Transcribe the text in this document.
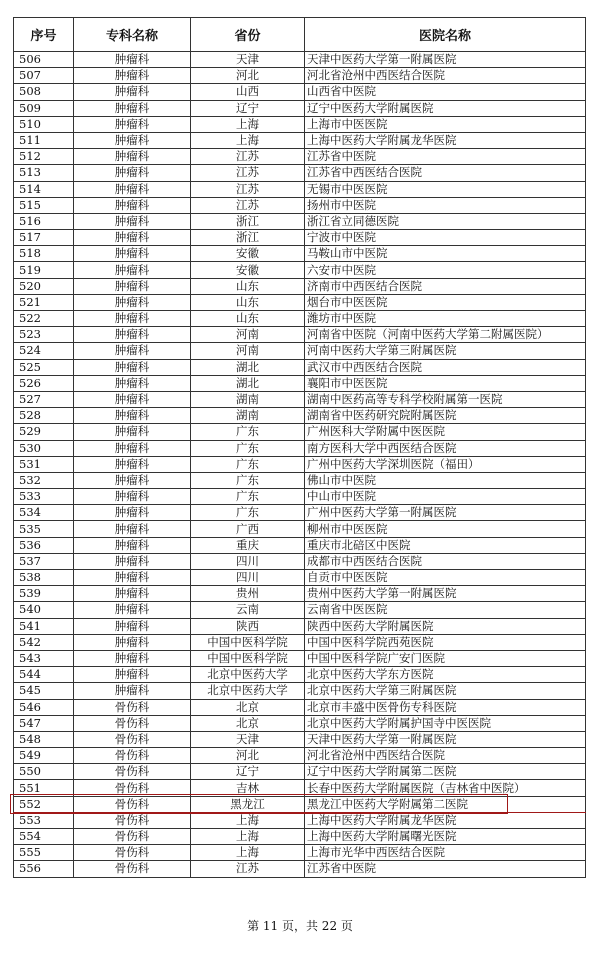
序号	专科名称	省份	医院名称
506	肿瘤科	天津	天津中医药大学第一附属医院
507	肿瘤科	河北	河北省沧州中西医结合医院
508	肿瘤科	山西	山西省中医院
509	肿瘤科	辽宁	辽宁中医药大学附属医院
510	肿瘤科	上海	上海市中医医院
511	肿瘤科	上海	上海中医药大学附属龙华医院
512	肿瘤科	江苏	江苏省中医院
513	肿瘤科	江苏	江苏省中西医结合医院
514	肿瘤科	江苏	无锡市中医医院
515	肿瘤科	江苏	扬州市中医院
516	肿瘤科	浙江	浙江省立同德医院
517	肿瘤科	浙江	宁波市中医院
518	肿瘤科	安徽	马鞍山市中医院
519	肿瘤科	安徽	六安市中医院
520	肿瘤科	山东	济南市中西医结合医院
521	肿瘤科	山东	烟台市中医医院
522	肿瘤科	山东	潍坊市中医院
523	肿瘤科	河南	河南省中医院（河南中医药大学第二附属医院）
524	肿瘤科	河南	河南中医药大学第三附属医院
525	肿瘤科	湖北	武汉市中西医结合医院
526	肿瘤科	湖北	襄阳市中医医院
527	肿瘤科	湖南	湖南中医药高等专科学校附属第一医院
528	肿瘤科	湖南	湖南省中医药研究院附属医院
529	肿瘤科	广东	广州医科大学附属中医医院
530	肿瘤科	广东	南方医科大学中西医结合医院
531	肿瘤科	广东	广州中医药大学深圳医院（福田）
532	肿瘤科	广东	佛山市中医院
533	肿瘤科	广东	中山市中医院
534	肿瘤科	广东	广州中医药大学第一附属医院
535	肿瘤科	广西	柳州市中医医院
536	肿瘤科	重庆	重庆市北碚区中医院
537	肿瘤科	四川	成都市中西医结合医院
538	肿瘤科	四川	自贡市中医医院
539	肿瘤科	贵州	贵州中医药大学第一附属医院
540	肿瘤科	云南	云南省中医医院
541	肿瘤科	陕西	陕西中医药大学附属医院
542	肿瘤科	中国中医科学院	中国中医科学院西苑医院
543	肿瘤科	中国中医科学院	中国中医科学院广安门医院
544	肿瘤科	北京中医药大学	北京中医药大学东方医院
545	肿瘤科	北京中医药大学	北京中医药大学第三附属医院
546	骨伤科	北京	北京市丰盛中医骨伤专科医院
547	骨伤科	北京	北京中医药大学附属护国寺中医医院
548	骨伤科	天津	天津中医药大学第一附属医院
549	骨伤科	河北	河北省沧州中西医结合医院
550	骨伤科	辽宁	辽宁中医药大学附属第二医院
551	骨伤科	吉林	长春中医药大学附属医院（吉林省中医院）
552	骨伤科	黑龙江	黑龙江中医药大学附属第二医院
553	骨伤科	上海	上海中医药大学附属龙华医院
554	骨伤科	上海	上海中医药大学附属曙光医院
555	骨伤科	上海	上海市光华中西医结合医院
556	骨伤科	江苏	江苏省中医院
第 11 页，共 22 页
